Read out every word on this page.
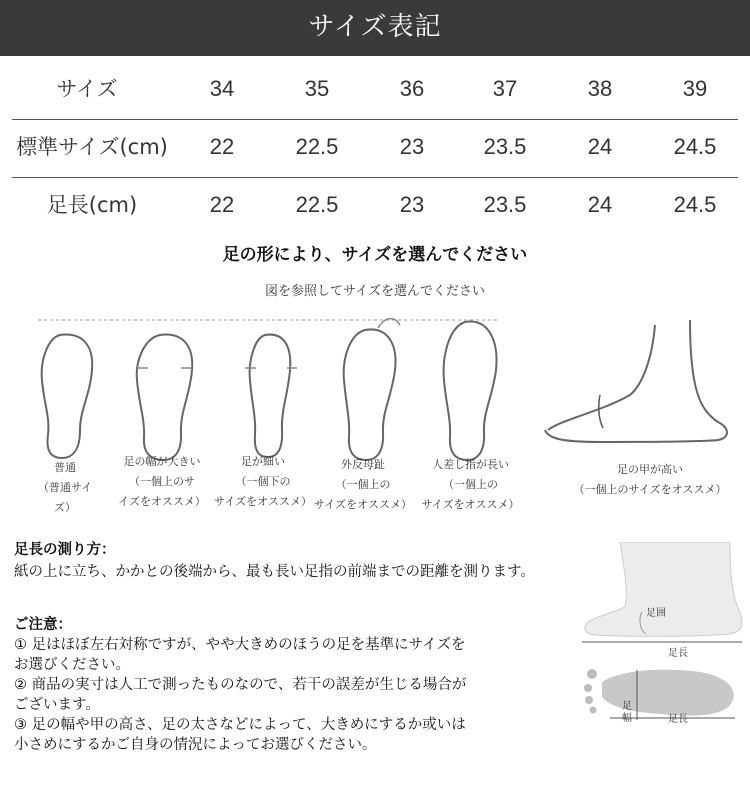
サイズ表記
サイズ	34	35	36	37	38	39
標準サイズ(cm)	22	22.5	23	23.5	24	24.5
足長(cm)	22	22.5	23	23.5	24	24.5
足の形により、サイズを選んでください
図を参照してサイズを選んでください
普通
（普通サイズ）
足の幅が大きい
（一個上のサ
イズをオススメ）
足が細い
（一個下の
サイズをオススメ）
外反母趾
（一個上の
サイズをオススメ）
人差し指が長い
（一個上の
サイズをオススメ）
足の甲が高い
（一個上のサイズをオススメ）
足長の測り方：
紙の上に立ち、かかとの後端から、最も長い足指の前端までの距離を測ります。
ご注意：
① 足はほぼ左右対称ですが、やや大きめのほうの足を基準にサイズを
お選びください。
② 商品の実寸は人工で測ったものなので、若干の誤差が生じる場合が
ございます。
③ 足の幅や甲の高さ、足の太さなどによって、大きめにするか或いは
小さめにするかご自身の情況によってお選びください。
足囲
足長
足
幅	足長
